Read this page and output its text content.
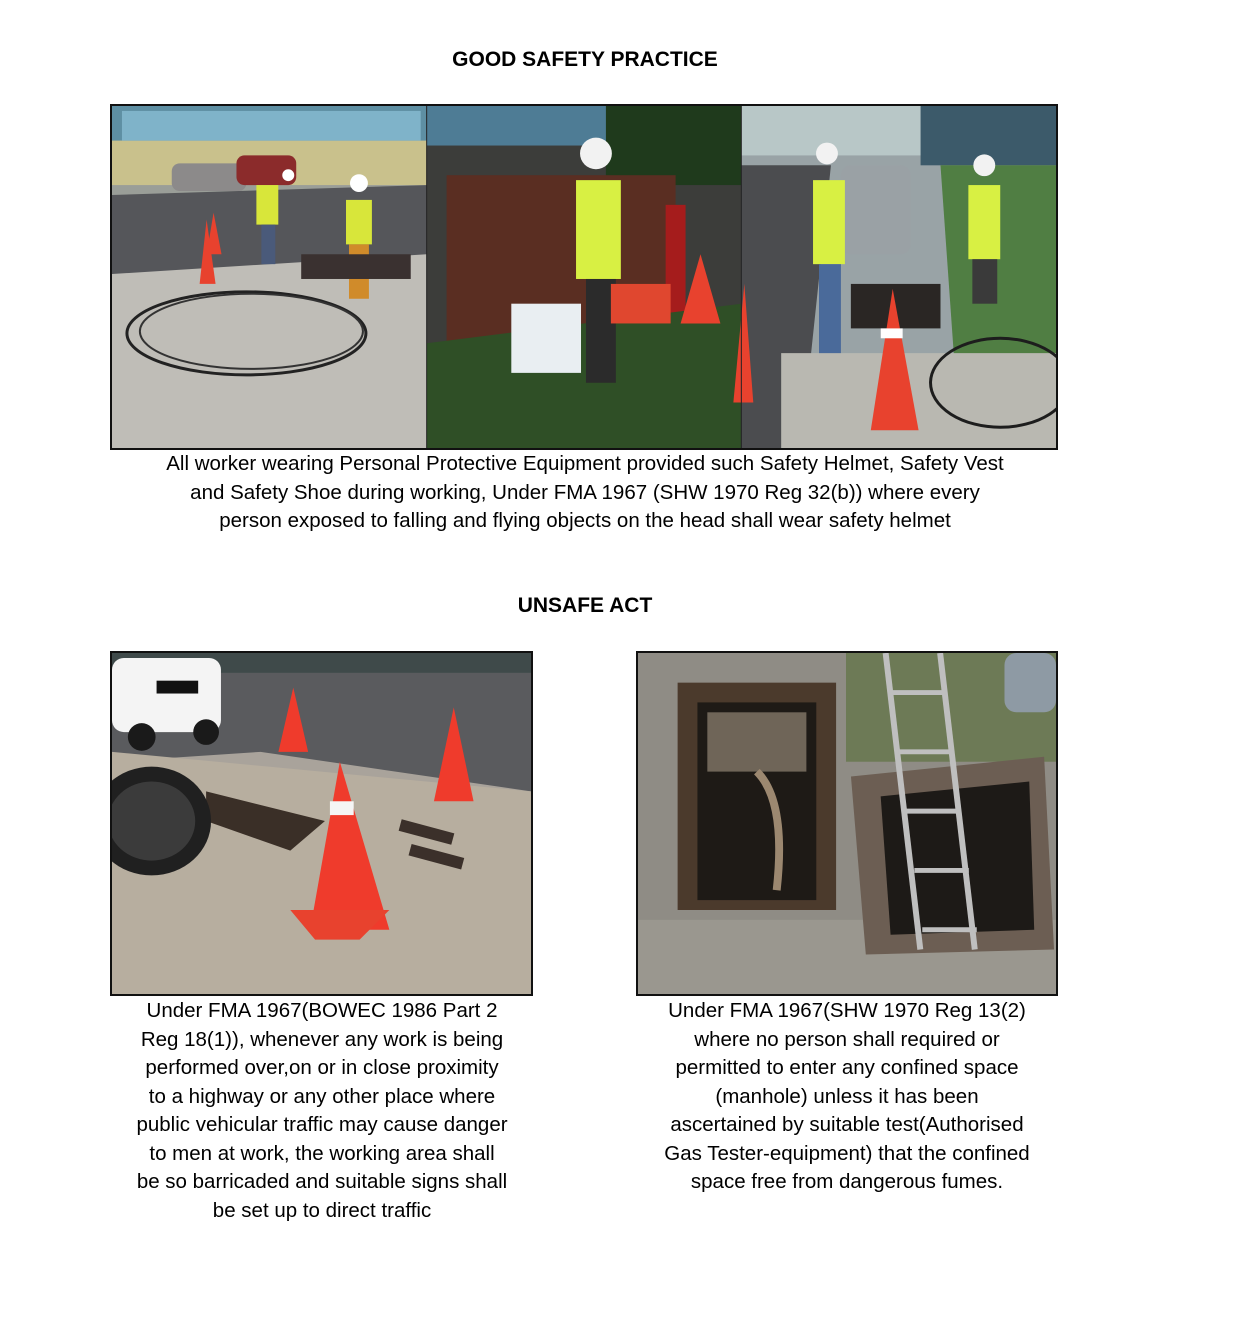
GOOD SAFETY PRACTICE
All worker wearing Personal Protective Equipment provided such Safety Helmet, Safety Vest
and Safety Shoe during working, Under FMA 1967 (SHW 1970 Reg 32(b)) where every
person exposed to falling and flying objects on the head shall wear safety helmet
UNSAFE ACT
Under FMA 1967(BOWEC 1986 Part 2
Reg 18(1)), whenever any work is being
performed over,on or in close proximity
to a highway or any other place where
public vehicular traffic may cause danger
to men at work, the working area shall
be so barricaded and suitable signs shall
be set up to direct traffic
Under FMA 1967(SHW 1970 Reg 13(2)
where no person shall required or
permitted to enter any confined space
(manhole) unless it has been
ascertained by suitable test(Authorised
Gas Tester-equipment) that the confined
space free from dangerous fumes.
